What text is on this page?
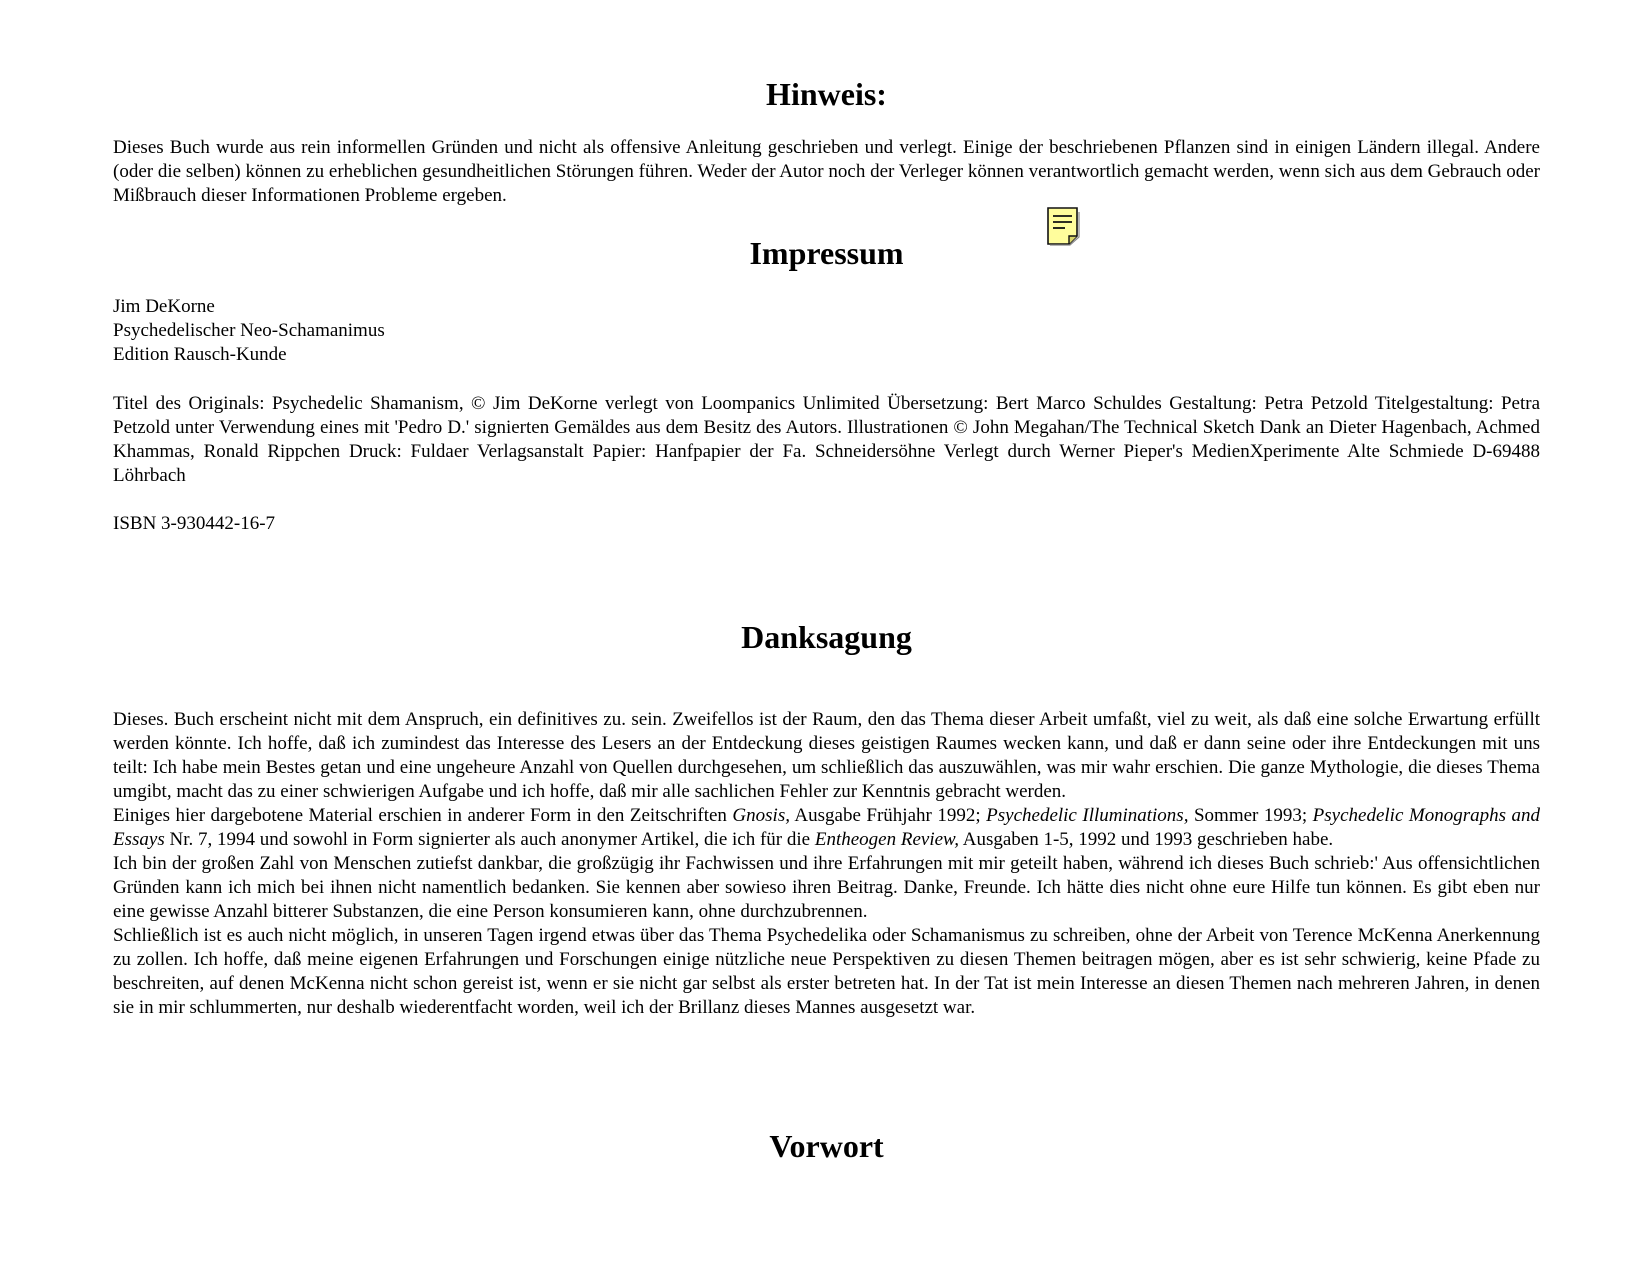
Hinweis:

Dieses Buch wurde aus rein informellen Gründen und nicht als offensive Anleitung geschrieben und verlegt. Einige der beschriebenen Pflanzen sind in einigen Ländern illegal. Andere (oder die selben) können zu erheblichen gesundheitlichen Störungen führen. Weder der Autor noch der Verleger können verantwortlich gemacht werden, wenn sich aus dem Gebrauch oder Mißbrauch dieser Informationen Probleme ergeben.

Impressum

Jim DeKorne

Psychedelischer Neo-Schamanimus

Edition Rausch-Kunde

Titel des Originals: Psychedelic Shamanism, © Jim DeKorne verlegt von Loompanics Unlimited Übersetzung: Bert Marco Schuldes Gestaltung: Petra Petzold Titelgestaltung: Petra Petzold unter Verwendung eines mit 'Pedro D.' signierten Gemäldes aus dem Besitz des Autors. Illustrationen © John Megahan/The Technical Sketch Dank an Dieter Hagenbach, Achmed Khammas, Ronald Rippchen Druck: Fuldaer Verlagsanstalt Papier: Hanfpapier der Fa. Schneidersöhne Verlegt durch Werner Pieper's MedienXperimente Alte Schmiede D-69488 Löhrbach

ISBN 3-930442-16-7

Danksagung

Dieses. Buch erscheint nicht mit dem Anspruch, ein definitives zu. sein. Zweifellos ist der Raum, den das Thema dieser Arbeit umfaßt, viel zu weit, als daß eine solche Erwartung erfüllt werden könnte. Ich hoffe, daß ich zumindest das Interesse des Lesers an der Entdeckung dieses geistigen Raumes wecken kann, und daß er dann seine oder ihre Entdeckungen mit uns teilt: Ich habe mein Bestes getan und eine ungeheure Anzahl von Quellen durchgesehen, um schließlich das auszuwählen, was mir wahr erschien. Die ganze Mythologie, die dieses Thema umgibt, macht das zu einer schwierigen Aufgabe und ich hoffe, daß mir alle sachlichen Fehler zur Kenntnis gebracht werden.

Einiges hier dargebotene Material erschien in anderer Form in den Zeitschriften Gnosis, Ausgabe Frühjahr 1992; Psychedelic Illuminations, Sommer 1993; Psychedelic Monographs and Essays Nr. 7, 1994 und sowohl in Form signierter als auch anonymer Artikel, die ich für die Entheogen Review, Ausgaben 1-5, 1992 und 1993 geschrieben habe.

Ich bin der großen Zahl von Menschen zutiefst dankbar, die großzügig ihr Fachwissen und ihre Erfahrungen mit mir geteilt haben, während ich dieses Buch schrieb:' Aus offensichtlichen Gründen kann ich mich bei ihnen nicht namentlich bedanken. Sie kennen aber sowieso ihren Beitrag. Danke, Freunde. Ich hätte dies nicht ohne eure Hilfe tun können. Es gibt eben nur eine gewisse Anzahl bitterer Substanzen, die eine Person konsumieren kann, ohne durchzubrennen.

Schließlich ist es auch nicht möglich, in unseren Tagen irgend etwas über das Thema Psychedelika oder Schamanismus zu schreiben, ohne der Arbeit von Terence McKenna Anerkennung zu zollen. Ich hoffe, daß meine eigenen Erfahrungen und Forschungen einige nützliche neue Perspektiven zu diesen Themen beitragen mögen, aber es ist sehr schwierig, keine Pfade zu beschreiten, auf denen McKenna nicht schon gereist ist, wenn er sie nicht gar selbst als erster betreten hat. In der Tat ist mein Interesse an diesen Themen nach mehreren Jahren, in denen sie in mir schlummerten, nur deshalb wiederentfacht worden, weil ich der Brillanz dieses Mannes ausgesetzt war.

Vorwort
